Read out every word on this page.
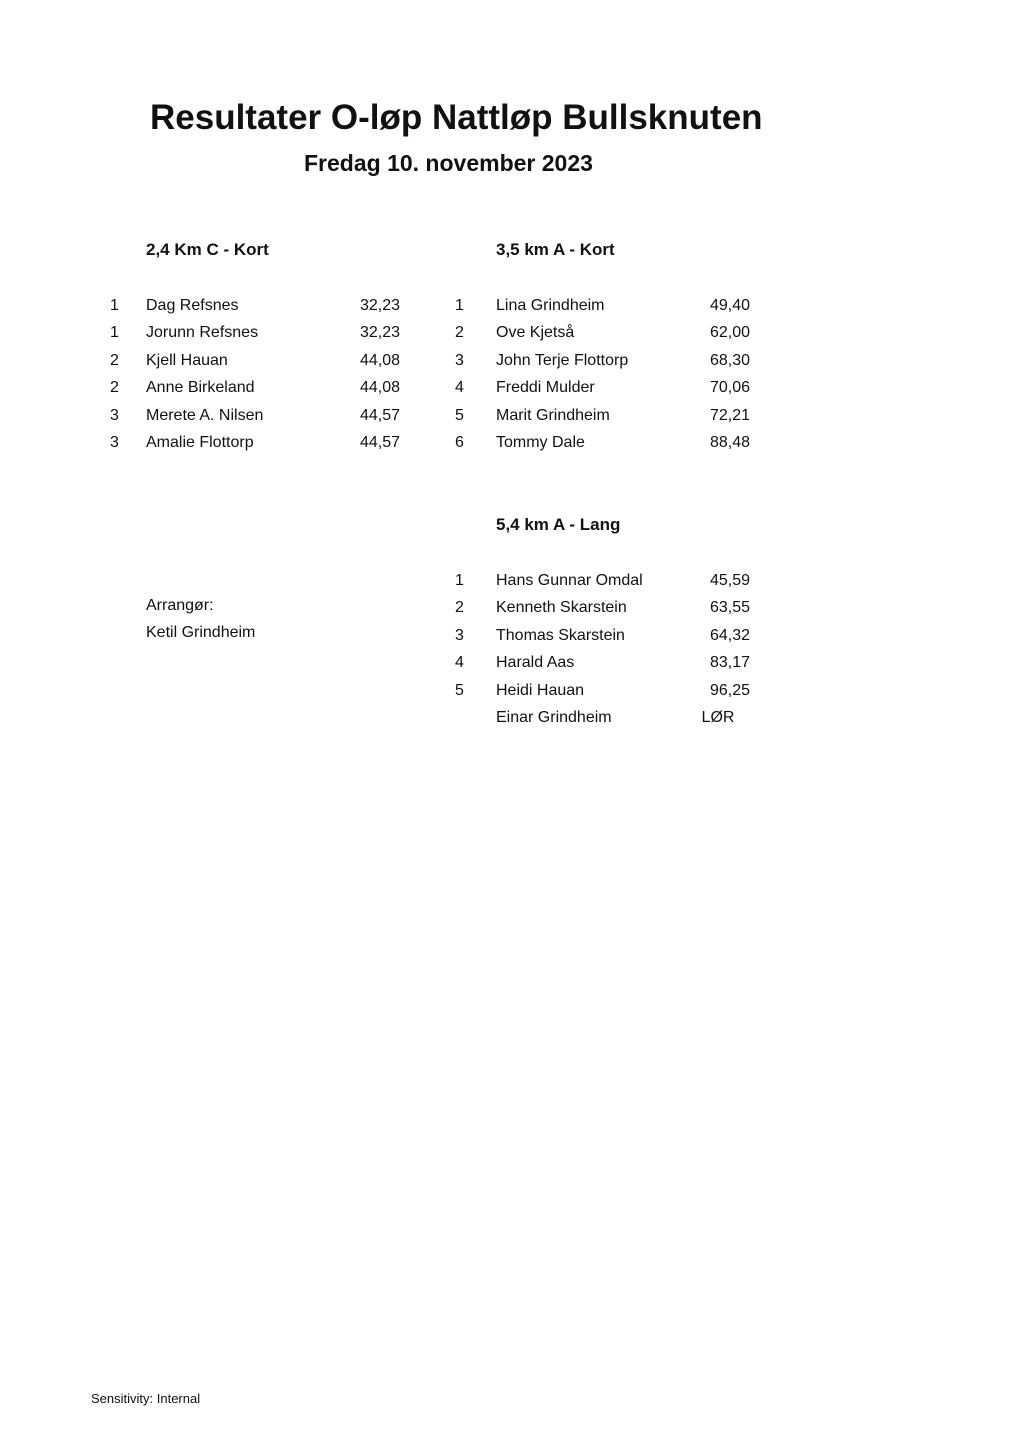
Resultater O-løp Nattløp Bullsknuten
Fredag 10. november 2023
2,4 Km C - Kort
1	Dag Refsnes	32,23
1	Jorunn Refsnes	32,23
2	Kjell Hauan	44,08
2	Anne Birkeland	44,08
3	Merete A. Nilsen	44,57
3	Amalie Flottorp	44,57
3,5 km A - Kort
1	Lina Grindheim	49,40
2	Ove Kjetså	62,00
3	John Terje Flottorp	68,30
4	Freddi Mulder	70,06
5	Marit Grindheim	72,21
6	Tommy Dale	88,48
5,4 km A - Lang
1	Hans Gunnar Omdal	45,59
2	Kenneth Skarstein	63,55
3	Thomas Skarstein	64,32
4	Harald Aas	83,17
5	Heidi Hauan	96,25
Einar Grindheim	LØR
Arrangør:
Ketil Grindheim
Sensitivity: Internal
